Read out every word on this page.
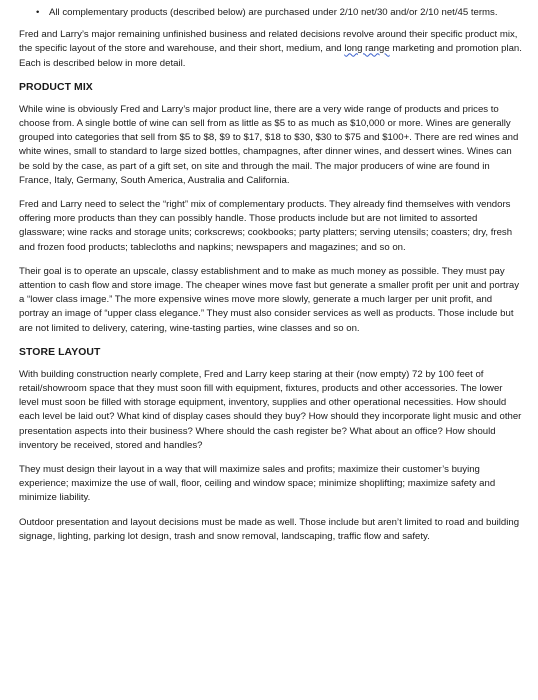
•	All complementary products (described below) are purchased under 2/10 net/30 and/or 2/10 net/45 terms.

Fred and Larry’s major remaining unfinished business and related decisions revolve around their specific product mix, the specific layout of the store and warehouse, and their short, medium, and long range marketing and promotion plan. Each is described below in more detail.

PRODUCT MIX

While wine is obviously Fred and Larry’s major product line, there are a very wide range of products and prices to choose from. A single bottle of wine can sell from as little as $5 to as much as $10,000 or more. Wines are generally grouped into categories that sell from $5 to $8, $9 to $17, $18 to $30, $30 to $75 and $100+. There are red wines and white wines, small to standard to large sized bottles, champagnes, after dinner wines, and dessert wines. Wines can be sold by the case, as part of a gift set, on site and through the mail. The major producers of wine are found in France, Italy, Germany, South America, Australia and California.

Fred and Larry need to select the “right” mix of complementary products. They already find themselves with vendors offering more products than they can possibly handle. Those products include but are not limited to assorted glassware; wine racks and storage units; corkscrews; cookbooks; party platters; serving utensils; coasters; dry, fresh and frozen food products; tablecloths and napkins; newspapers and magazines; and so on.

Their goal is to operate an upscale, classy establishment and to make as much money as possible. They must pay attention to cash flow and store image. The cheaper wines move fast but generate a smaller profit per unit and portray a “lower class image.” The more expensive wines move more slowly, generate a much larger per unit profit, and portray an image of “upper class elegance.” They must also consider services as well as products. Those include but are not limited to delivery, catering, wine-tasting parties, wine classes and so on.

STORE LAYOUT

With building construction nearly complete, Fred and Larry keep staring at their (now empty) 72 by 100 feet of retail/showroom space that they must soon fill with equipment, fixtures, products and other accessories. The lower level must soon be filled with storage equipment, inventory, supplies and other operational necessities. How should each level be laid out? What kind of display cases should they buy? How should they incorporate light music and other presentation aspects into their business? Where should the cash register be? What about an office? How should inventory be received, stored and handles?

They must design their layout in a way that will maximize sales and profits; maximize their customer’s buying experience; maximize the use of wall, floor, ceiling and window space; minimize shoplifting; maximize safety and minimize liability.

Outdoor presentation and layout decisions must be made as well. Those include but aren’t limited to road and building signage, lighting, parking lot design, trash and snow removal, landscaping, traffic flow and safety.
